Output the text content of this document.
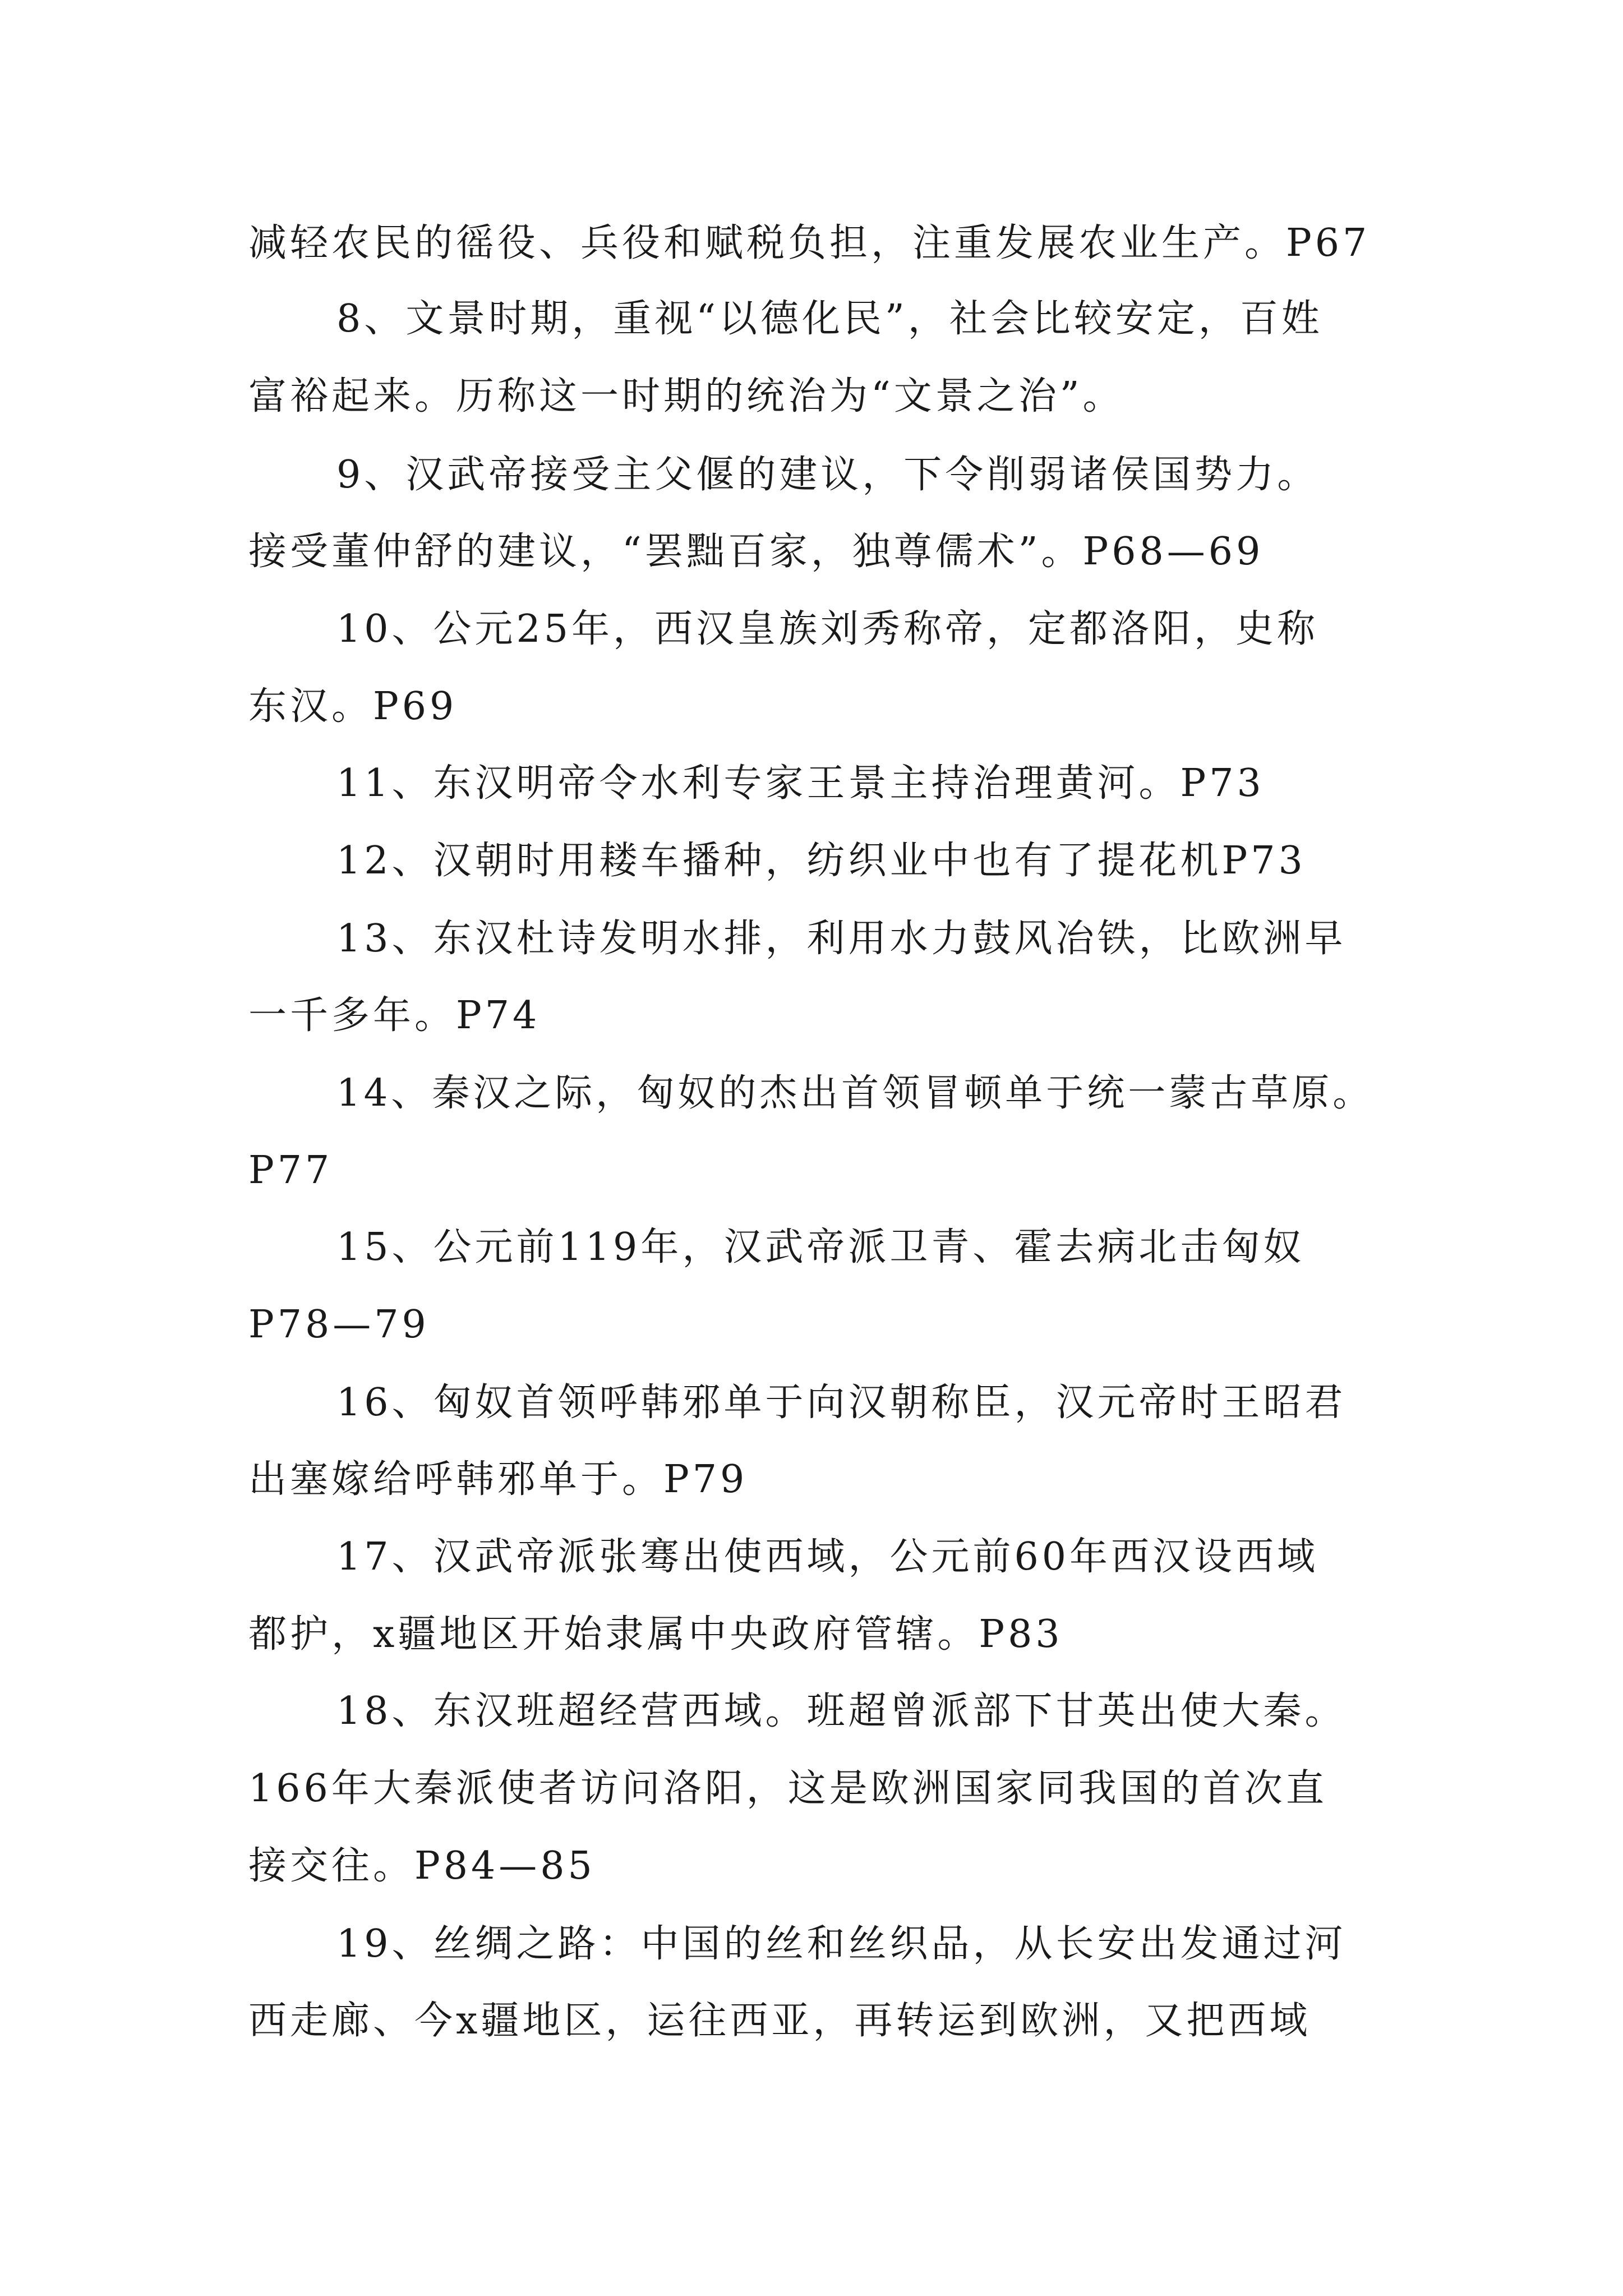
减轻农民的徭役、兵役和赋税负担，注重发展农业生产。P67
8、文景时期，重视“以德化民”，社会比较安定，百姓
富裕起来。历称这一时期的统治为“文景之治”。
9、汉武帝接受主父偃的建议，下令削弱诸侯国势力。
接受董仲舒的建议，“罢黜百家，独尊儒术”。P68—69
10、公元25年，西汉皇族刘秀称帝，定都洛阳，史称
东汉。P69
11、东汉明帝令水利专家王景主持治理黄河。P73
12、汉朝时用耧车播种，纺织业中也有了提花机P73
13、东汉杜诗发明水排，利用水力鼓风冶铁，比欧洲早
一千多年。P74
14、秦汉之际，匈奴的杰出首领冒顿单于统一蒙古草原。
P77
15、公元前119年，汉武帝派卫青、霍去病北击匈奴
P78—79
16、匈奴首领呼韩邪单于向汉朝称臣，汉元帝时王昭君
出塞嫁给呼韩邪单于。P79
17、汉武帝派张骞出使西域，公元前60年西汉设西域
都护，x疆地区开始隶属中央政府管辖。P83
18、东汉班超经营西域。班超曾派部下甘英出使大秦。
166年大秦派使者访问洛阳，这是欧洲国家同我国的首次直
接交往。P84—85
19、丝绸之路：中国的丝和丝织品，从长安出发通过河
西走廊、今x疆地区，运往西亚，再转运到欧洲，又把西域
